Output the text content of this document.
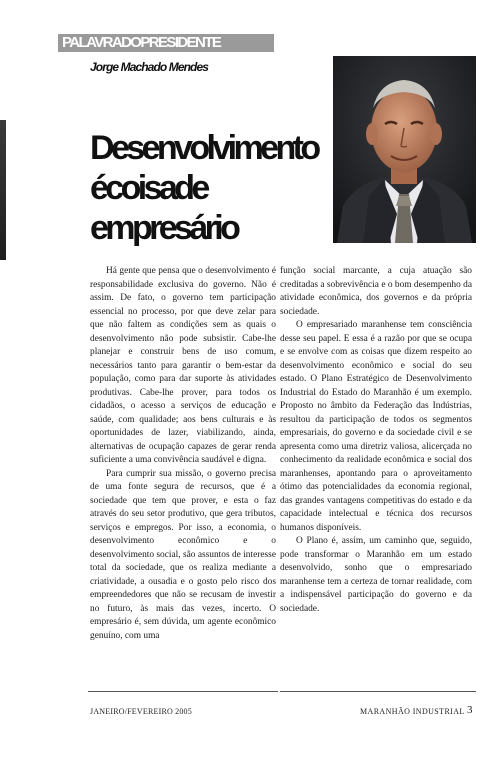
PALAVRADOPRESIDENTE
Jorge Machado Mendes
Desenvolvimento
écoisade
empresário

Há gente que pensa que o desenvolvimento é responsabilidade exclusiva do governo. Não é assim. De fato, o governo tem participação essencial no processo, por que deve zelar para que não faltem as condições sem as quais o desenvolvimento não pode subsistir. Cabe-lhe planejar e construir bens de uso comum, necessários tanto para garantir o bem-estar da população, como para dar suporte às atividades produtivas. Cabe-lhe prover, para todos os cidadãos, o acesso a serviços de educação e saúde, com qualidade; aos bens culturais e às oportunidades de lazer, viabilizando, ainda, alternativas de ocupação capazes de gerar renda suficiente a uma convivência saudável e digna.

Para cumprir sua missão, o governo precisa de uma fonte segura de recursos, que é a sociedade que tem que prover, e esta o faz através do seu setor produtivo, que gera tributos, serviços e empregos. Por isso, a economia, o desenvolvimento econômico e o desenvolvimento social, são assuntos de interesse total da sociedade, que os realiza mediante a criatividade, a ousadia e o gosto pelo risco dos empreendedores que não se recusam de investir no futuro, às mais das vezes, incerto. O empresário é, sem dúvida, um agente econômico genuíno, com uma

função social marcante, a cuja atuação são creditadas a sobrevivência e o bom desempenho da atividade econômica, dos governos e da própria sociedade.

O empresariado maranhense tem consciência desse seu papel. E essa é a razão por que se ocupa e se envolve com as coisas que dizem respeito ao desenvolvimento econômico e social do seu estado. O Plano Estratégico de Desenvolvimento Industrial do Estado do Maranhão é um exemplo. Proposto no âmbito da Federação das Indústrias, resultou da participação de todos os segmentos empresariais, do governo e da sociedade civil e se apresenta como uma diretriz valiosa, alicerçada no conhecimento da realidade econômica e social dos maranhenses, apontando para o aproveitamento ótimo das potencialidades da economia regional, das grandes vantagens competitivas do estado e da capacidade intelectual e técnica dos recursos humanos disponíveis.

O Plano é, assim, um caminho que, seguido, pode transformar o Maranhão em um estado desenvolvido, sonho que o empresariado maranhense tem a certeza de tornar realidade, com a indispensável participação do governo e da sociedade.

JANEIRO/FEVEREIRO 2005	MARANHÃO INDUSTRIAL 3
